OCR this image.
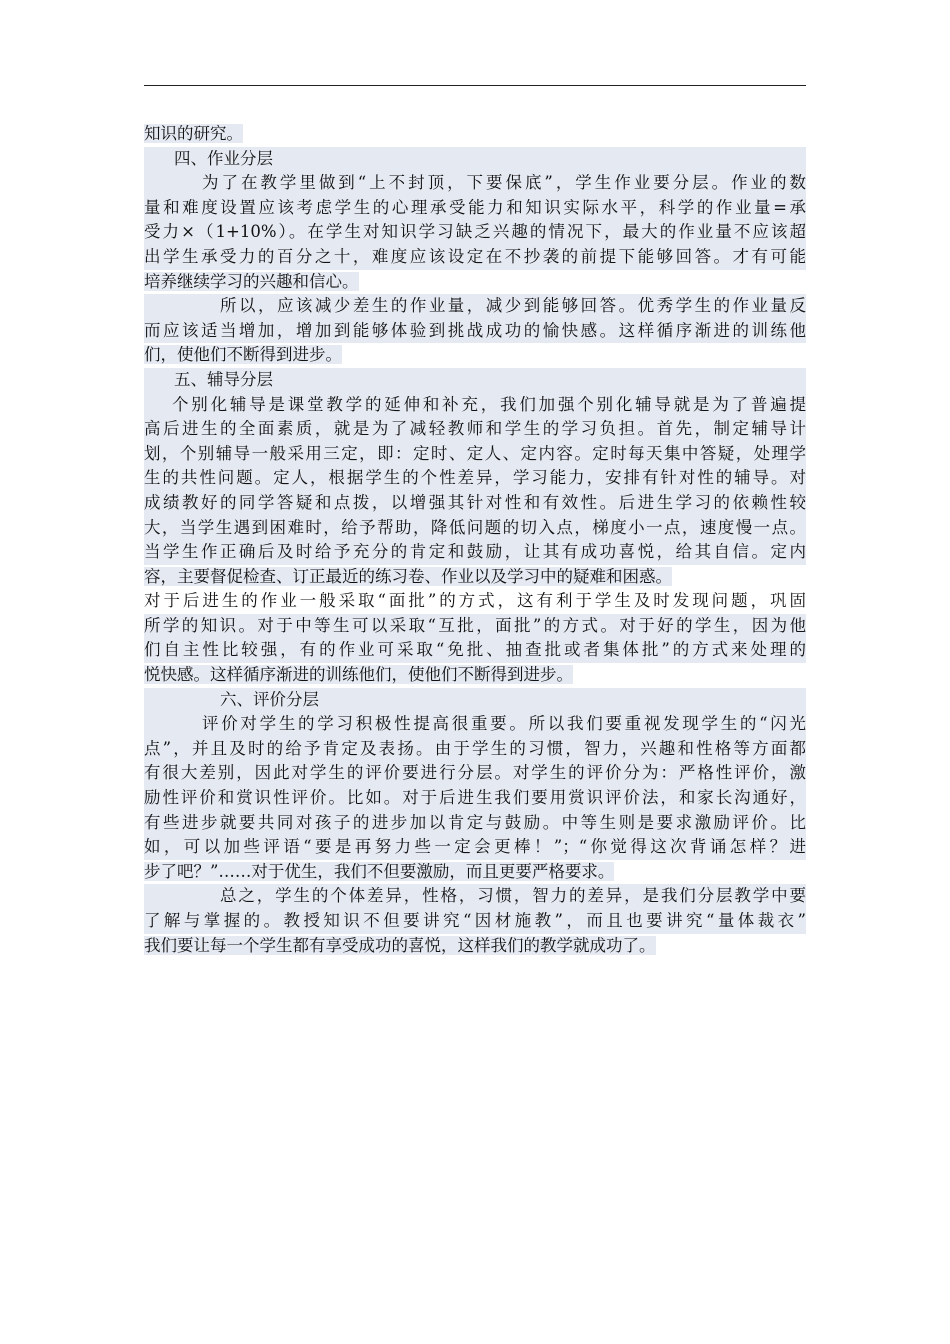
知识的研究。
四、作业分层
为了在教学里做到“上不封顶，下要保底”，学生作业要分层。作业的数
量和难度设置应该考虑学生的心理承受能力和知识实际水平，科学的作业量=承
受力×（1+10%）。在学生对知识学习缺乏兴趣的情况下，最大的作业量不应该超
出学生承受力的百分之十，难度应该设定在不抄袭的前提下能够回答。才有可能
培养继续学习的兴趣和信心。
所以，应该减少差生的作业量，减少到能够回答。优秀学生的作业量反
而应该适当增加，增加到能够体验到挑战成功的愉快感。这样循序渐进的训练他
们，使他们不断得到进步。
五、辅导分层
个别化辅导是课堂教学的延伸和补充，我们加强个别化辅导就是为了普遍提
高后进生的全面素质，就是为了减轻教师和学生的学习负担。首先，制定辅导计
划，个别辅导一般采用三定，即：定时、定人、定内容。定时每天集中答疑，处理学
生的共性问题。定人，根据学生的个性差异，学习能力，安排有针对性的辅导。对
成绩教好的同学答疑和点拨，以增强其针对性和有效性。后进生学习的依赖性较
大，当学生遇到困难时，给予帮助，降低问题的切入点，梯度小一点，速度慢一点。
当学生作正确后及时给予充分的肯定和鼓励，让其有成功喜悦，给其自信。定内
容，主要督促检查、订正最近的练习卷、作业以及学习中的疑难和困惑。
对于后进生的作业一般采取“面批”的方式，这有利于学生及时发现问题，巩固
所学的知识。对于中等生可以采取“互批，面批”的方式。对于好的学生，因为他
们自主性比较强，有的作业可采取“免批、抽查批或者集体批”的方式来处理的
悦快感。这样循序渐进的训练他们，使他们不断得到进步。
六、评价分层
评价对学生的学习积极性提高很重要。所以我们要重视发现学生的“闪光
点”，并且及时的给予肯定及表扬。由于学生的习惯，智力，兴趣和性格等方面都
有很大差别，因此对学生的评价要进行分层。对学生的评价分为：严格性评价，激
励性评价和赏识性评价。比如。对于后进生我们要用赏识评价法，和家长沟通好，
有些进步就要共同对孩子的进步加以肯定与鼓励。中等生则是要求激励评价。比
如，可以加些评语“要是再努力些一定会更棒！”；“你觉得这次背诵怎样？进
步了吧？”……对于优生，我们不但要激励，而且更要严格要求。
总之，学生的个体差异，性格，习惯，智力的差异，是我们分层教学中要
了解与掌握的。教授知识不但要讲究“因材施教”，而且也要讲究“量体裁衣”
我们要让每一个学生都有享受成功的喜悦，这样我们的教学就成功了。
